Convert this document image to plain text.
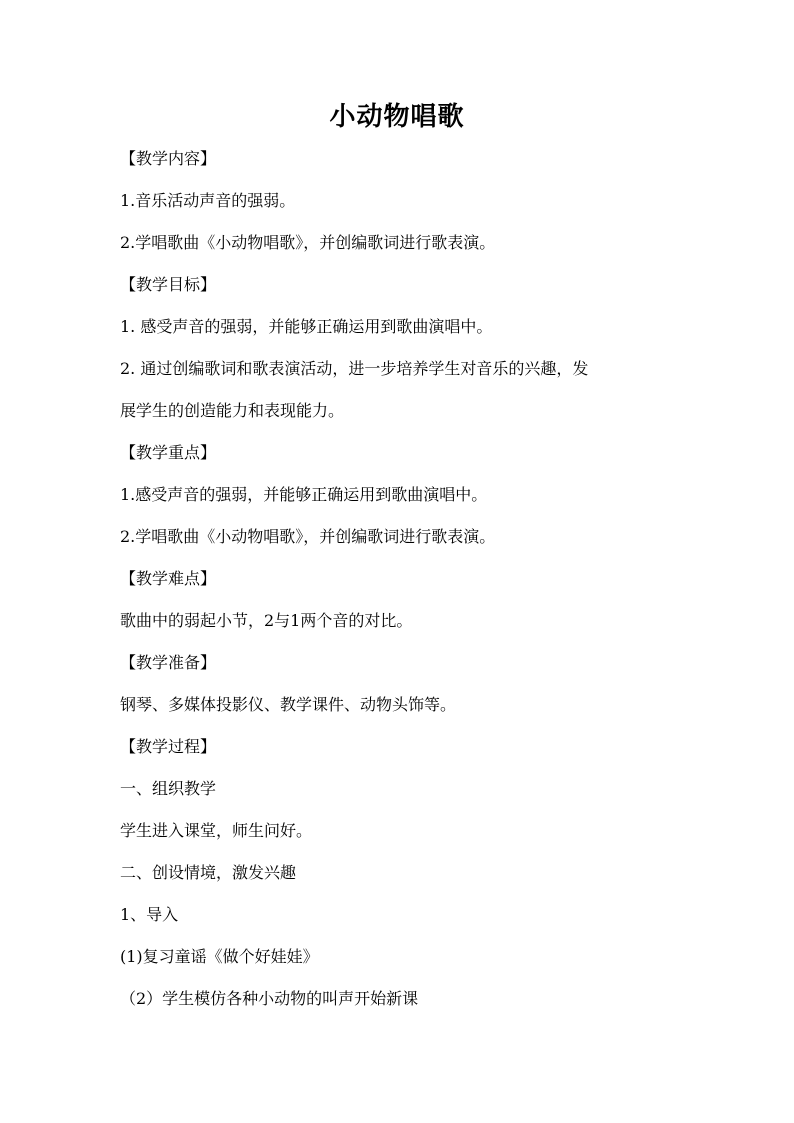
小动物唱歌
【教学内容】
1.音乐活动声音的强弱。
2.学唱歌曲《小动物唱歌》，并创编歌词进行歌表演。
【教学目标】
1. 感受声音的强弱，并能够正确运用到歌曲演唱中。
2. 通过创编歌词和歌表演活动，进一步培养学生对音乐的兴趣，发
展学生的创造能力和表现能力。
【教学重点】
1.感受声音的强弱，并能够正确运用到歌曲演唱中。
2.学唱歌曲《小动物唱歌》，并创编歌词进行歌表演。
【教学难点】
歌曲中的弱起小节，2与1两个音的对比。
【教学准备】
钢琴、多媒体投影仪、教学课件、动物头饰等。
【教学过程】
一、组织教学
学生进入课堂，师生问好。
二、创设情境，激发兴趣
1、导入
(1)复习童谣《做个好娃娃》
（2）学生模仿各种小动物的叫声开始新课
